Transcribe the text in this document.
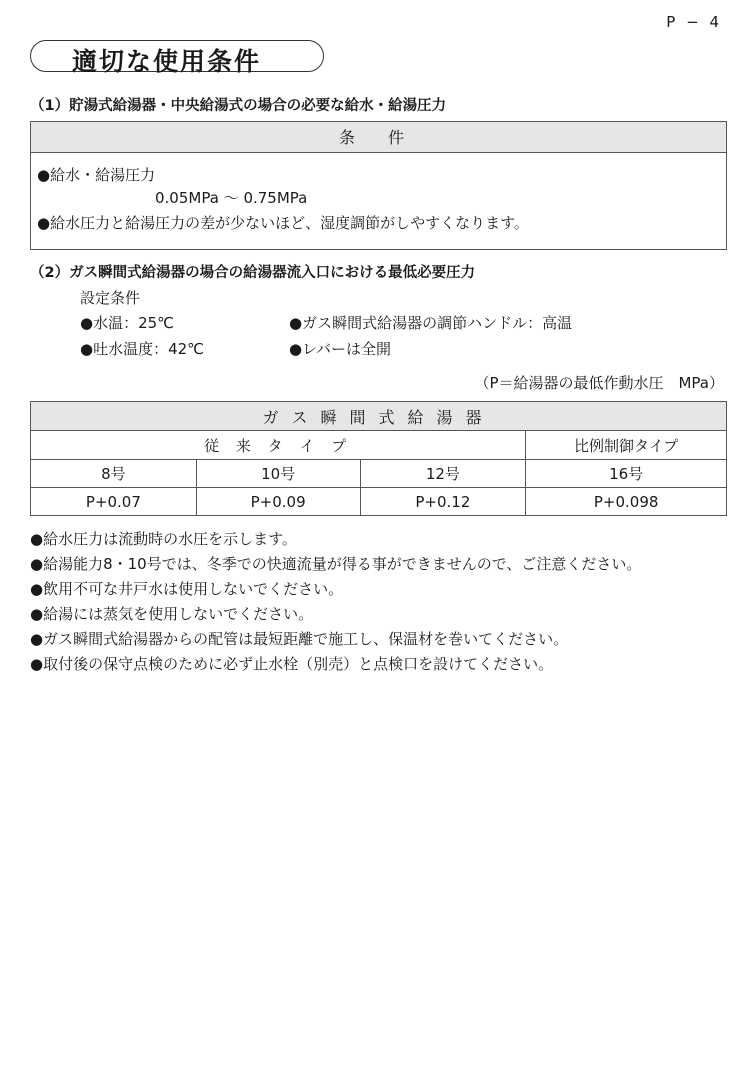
P − 4
適切な使用条件
（1）貯湯式給湯器・中央給湯式の場合の必要な給水・給湯圧力
条 件
●給水・給湯圧力
0.05MPa 〜 0.75MPa
●給水圧力と給湯圧力の差が少ないほど、湿度調節がしやすくなります。
（2）ガス瞬間式給湯器の場合の給湯器流入口における最低必要圧力
設定条件
●水温：25℃	●ガス瞬間式給湯器の調節ハンドル：高温
●吐水温度：42℃	●レバーは全開
（P＝給湯器の最低作動水圧　MPa）
ガス瞬間式給湯器			
従 来 タ イ プ			比例制御タイプ
8号	10号	12号	16号
P+0.07	P+0.09	P+0.12	P+0.098
●給水圧力は流動時の水圧を示します。
●給湯能力8・10号では、冬季での快適流量が得る事ができませんので、ご注意ください。
●飲用不可な井戸水は使用しないでください。
●給湯には蒸気を使用しないでください。
●ガス瞬間式給湯器からの配管は最短距離で施工し、保温材を巻いてください。
●取付後の保守点検のために必ず止水栓（別売）と点検口を設けてください。
